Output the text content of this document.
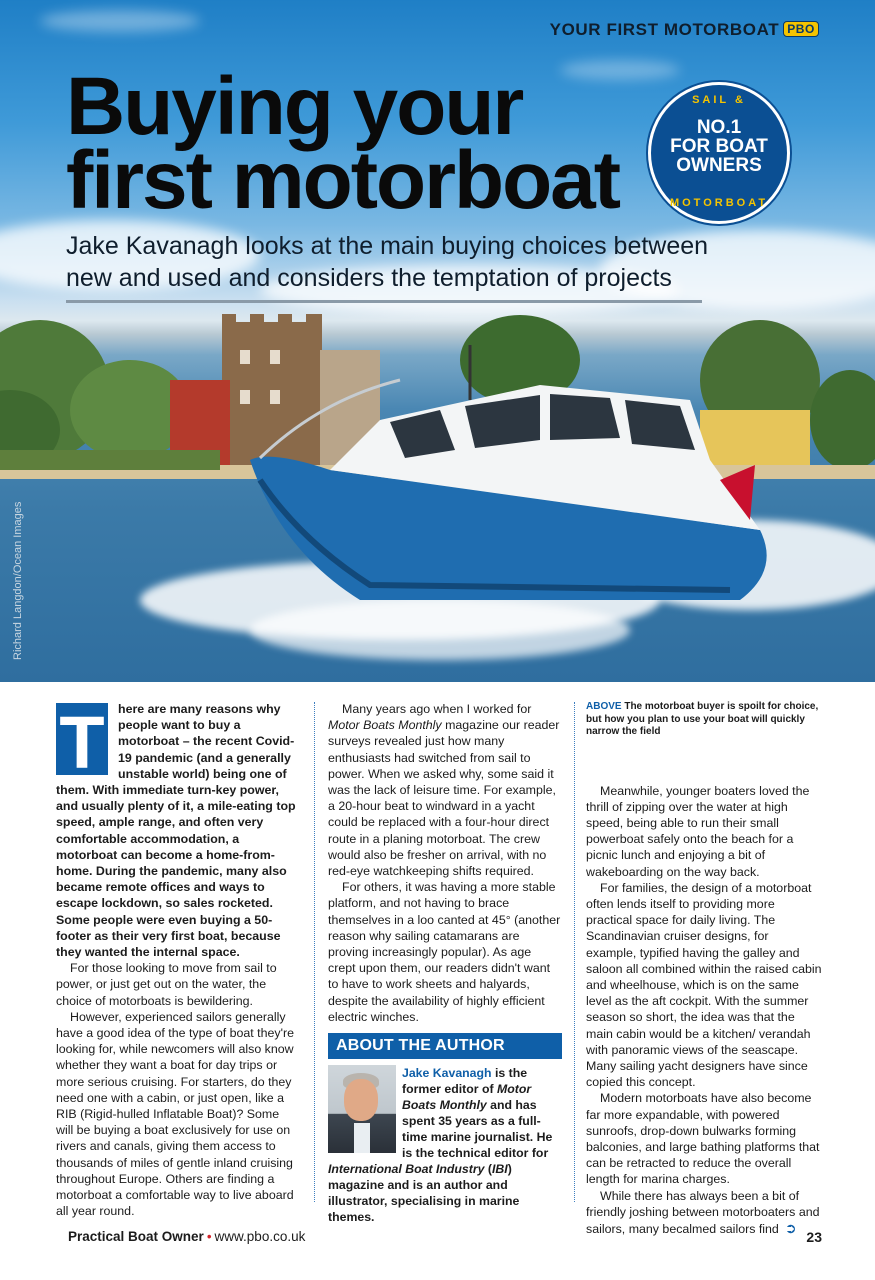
YOUR FIRST MOTORBOAT PBO
Buying your
first motorboat
SAIL &
NO.1
FOR BOAT
OWNERS
MOTORBOAT

Jake Kavanagh looks at the main buying choices between new and used and considers the temptation of projects

Richard Langdon/Ocean Images

T here are many reasons why people want to buy a motorboat – the recent Covid-19 pandemic (and a generally unstable world) being one of them. With immediate turn-key power, and usually plenty of it, a mile-eating top speed, ample range, and often very comfortable accommodation, a motorboat can become a home-from-home. During the pandemic, many also became remote offices and ways to escape lockdown, so sales rocketed. Some people were even buying a 50-footer as their very first boat, because they wanted the internal space.

For those looking to move from sail to power, or just get out on the water, the choice of motorboats is bewildering.

However, experienced sailors generally have a good idea of the type of boat they're looking for, while newcomers will also know whether they want a boat for day trips or more serious cruising. For starters, do they need one with a cabin, or just open, like a RIB (Rigid-hulled Inflatable Boat)? Some will be buying a boat exclusively for use on rivers and canals, giving them access to thousands of miles of gentle inland cruising throughout Europe. Others are finding a motorboat a comfortable way to live aboard all year round.

Many years ago when I worked for Motor Boats Monthly magazine our reader surveys revealed just how many enthusiasts had switched from sail to power. When we asked why, some said it was the lack of leisure time. For example, a 20-hour beat to windward in a yacht could be replaced with a four-hour direct route in a planing motorboat. The crew would also be fresher on arrival, with no red-eye watchkeeping shifts required.

For others, it was having a more stable platform, and not having to brace themselves in a loo canted at 45° (another reason why sailing catamarans are proving increasingly popular). As age crept upon them, our readers didn't want to have to work sheets and halyards, despite the availability of highly efficient electric winches.

ABOUT THE AUTHOR
Jake Kavanagh is the former editor of Motor Boats Monthly and has spent 35 years as a full-time marine journalist. He is the technical editor for International Boat Industry (IBI) magazine and is an author and illustrator, specialising in marine themes.
ABOVE The motorboat buyer is spoilt for choice, but how you plan to use your boat will quickly narrow the field

Meanwhile, younger boaters loved the thrill of zipping over the water at high speed, being able to run their small powerboat safely onto the beach for a picnic lunch and enjoying a bit of wakeboarding on the way back.

For families, the design of a motorboat often lends itself to providing more practical space for daily living. The Scandinavian cruiser designs, for example, typified having the galley and saloon all combined within the raised cabin and wheelhouse, which is on the same level as the aft cockpit. With the summer season so short, the idea was that the main cabin would be a kitchen/ verandah with panoramic views of the seascape. Many sailing yacht designers have since copied this concept.

Modern motorboats have also become far more expandable, with powered sunroofs, drop-down bulwarks forming balconies, and large bathing platforms that can be retracted to reduce the overall length for marina charges.

While there has always been a bit of friendly joshing between motorboaters and sailors, many becalmed sailors find ➲

Practical Boat Owner • www.pbo.co.uk	23
